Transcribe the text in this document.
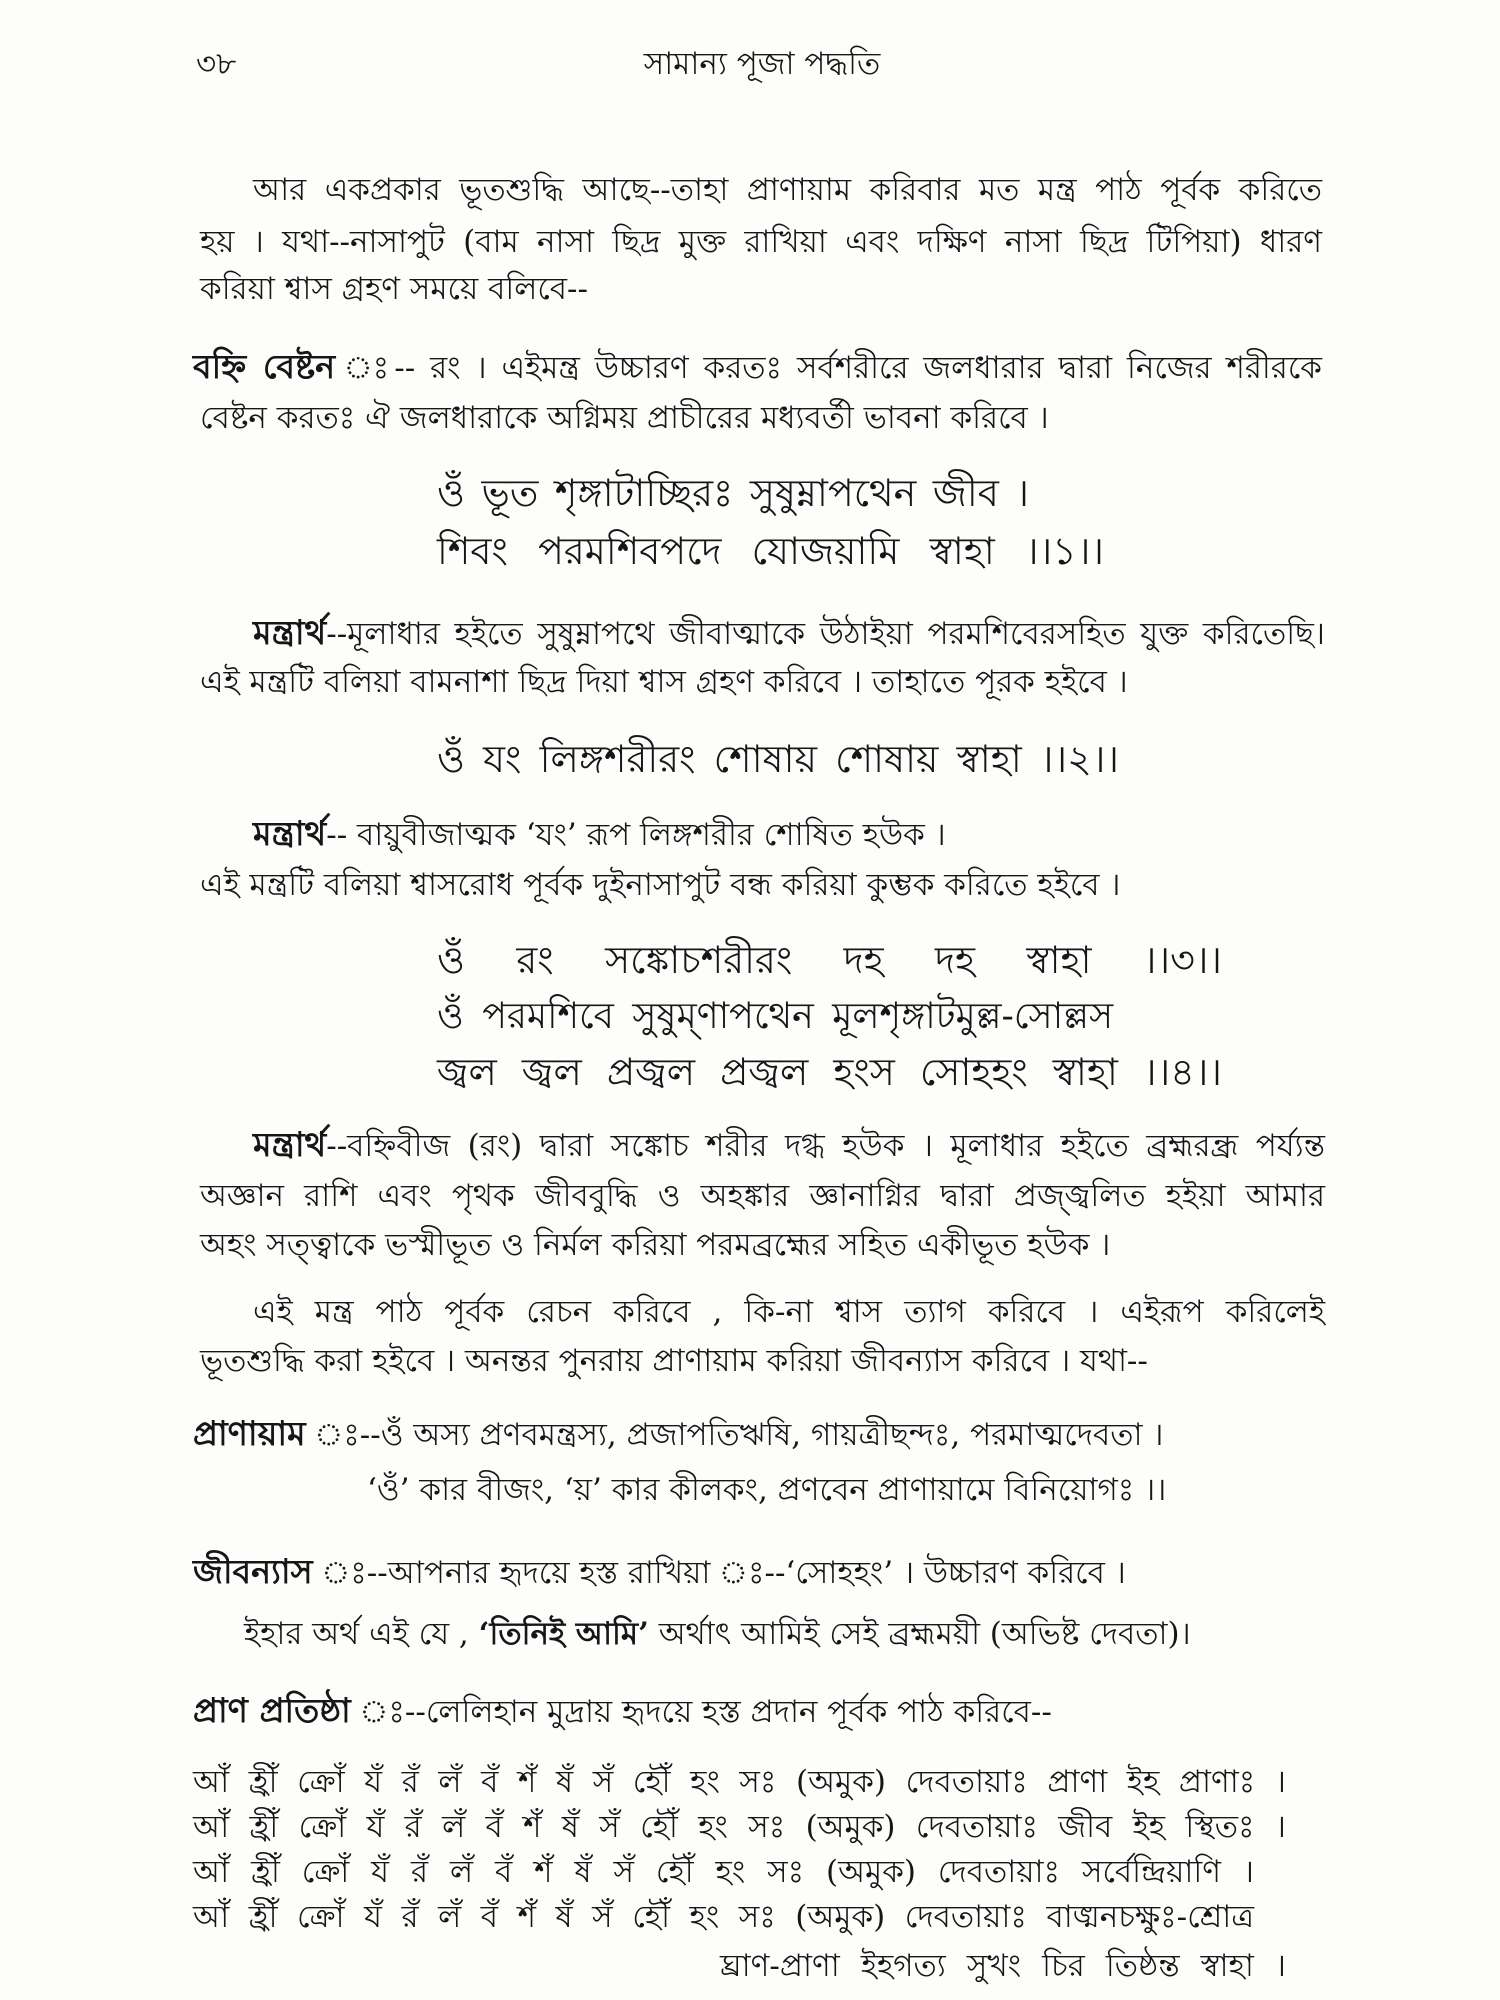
৩৮	সামান্য পূজা পদ্ধতি
আর একপ্রকার ভূতশুদ্ধি আছে--তাহা প্রাণায়াম করিবার মত মন্ত্র পাঠ পূর্বক করিতে
হয় । যথা--নাসাপুট (বাম নাসা ছিদ্র মুক্ত রাখিয়া এবং দক্ষিণ নাসা ছিদ্র টিপিয়া) ধারণ
করিয়া শ্বাস গ্রহণ সময়ে বলিবে--
বহ্নি বেষ্টন ঃ-- রং । এইমন্ত্র উচ্চারণ করতঃ সর্বশরীরে জলধারার দ্বারা নিজের শরীরকে
বেষ্টন করতঃ ঐ জলধারাকে অগ্নিময় প্রাচীরের মধ্যবর্তী ভাবনা করিবে ।
ওঁ ভূত শৃঙ্গাটাচ্ছিরঃ সুষুম্নাপথেন জীব ।
শিবং পরমশিবপদে যোজয়ামি স্বাহা ।।১।।
মন্ত্রার্থ--মূলাধার হইতে সুষুম্নাপথে জীবাত্মাকে উঠাইয়া পরমশিবেরসহিত যুক্ত করিতেছি।
এই মন্ত্রটি বলিয়া বামনাশা ছিদ্র দিয়া শ্বাস গ্রহণ করিবে । তাহাতে পূরক হইবে ।
ওঁ যং লিঙ্গশরীরং শোষায় শোষায় স্বাহা ।।২।।
মন্ত্রার্থ-- বায়ুবীজাত্মক ‘যং’ রূপ লিঙ্গশরীর শোষিত হউক ।
এই মন্ত্রটি বলিয়া শ্বাসরোধ পূর্বক দুইনাসাপুট বন্ধ করিয়া কুম্ভক করিতে হইবে ।
ওঁ রং সঙ্কোচশরীরং দহ দহ স্বাহা ।।৩।।
ওঁ পরমশিবে সুষুম্ণাপথেন মূলশৃঙ্গাটমুল্ল-সোল্লস
জ্বল জ্বল প্রজ্বল প্রজ্বল হংস সোহহং স্বাহা ।।৪।।
মন্ত্রার্থ--বহ্নিবীজ (রং) দ্বারা সঙ্কোচ শরীর দগ্ধ হউক । মূলাধার হইতে ব্রহ্মরন্ধ্র পর্য্যন্ত
অজ্ঞান রাশি এবং পৃথক জীববুদ্ধি ও অহঙ্কার জ্ঞানাগ্নির দ্বারা প্রজ্জ্বলিত হইয়া আমার
অহং সত্ত্বাকে ভস্মীভূত ও নির্মল করিয়া পরমব্রহ্মের সহিত একীভূত হউক ।
এই মন্ত্র পাঠ পূর্বক রেচন করিবে , কি-না শ্বাস ত্যাগ করিবে । এইরূপ করিলেই
ভূতশুদ্ধি করা হইবে । অনন্তর পুনরায় প্রাণায়াম করিয়া জীবন্যাস করিবে । যথা--
প্রাণায়াম ঃ--ওঁ অস্য প্রণবমন্ত্রস্য, প্রজাপতিঋষি, গায়ত্রীছন্দঃ, পরমাত্মদেবতা ।
‘ওঁ’ কার বীজং, ‘য়’ কার কীলকং, প্রণবেন প্রাণায়ামে বিনিয়োগঃ ।।
জীবন্যাস ঃ--আপনার হৃদয়ে হস্ত রাখিয়া ঃ--‘সোহহং’ । উচ্চারণ করিবে ।
ইহার অর্থ এই যে , ‘তিনিই আমি’ অর্থাৎ আমিই সেই ব্রহ্মময়ী (অভিষ্ট দেবতা)।
প্রাণ প্রতিষ্ঠা ঃ--লেলিহান মুদ্রায় হৃদয়ে হস্ত প্রদান পূর্বক পাঠ করিবে--
আঁ হ্রীঁ ক্রোঁ যঁ রঁ লঁ বঁ শঁ ষঁ সঁ হৌঁ হং সঃ (অমুক) দেবতায়াঃ প্রাণা ইহ প্রাণাঃ ।
আঁ হ্রীঁ ক্রোঁ যঁ রঁ লঁ বঁ শঁ ষঁ সঁ হৌঁ হং সঃ (অমুক) দেবতায়াঃ জীব ইহ স্থিতঃ ।
আঁ হ্রীঁ ক্রোঁ যঁ রঁ লঁ বঁ শঁ ষঁ সঁ হৌঁ হং সঃ (অমুক) দেবতায়াঃ সর্বেন্দ্রিয়াণি ।
আঁ হ্রীঁ ক্রোঁ যঁ রঁ লঁ বঁ শঁ ষঁ সঁ হৌঁ হং সঃ (অমুক) দেবতায়াঃ বাঙ্মনচক্ষুঃ-শ্রোত্র
ঘ্রাণ-প্রাণা ইহগত্য সুখং চির তিষ্ঠন্ত স্বাহা ।
